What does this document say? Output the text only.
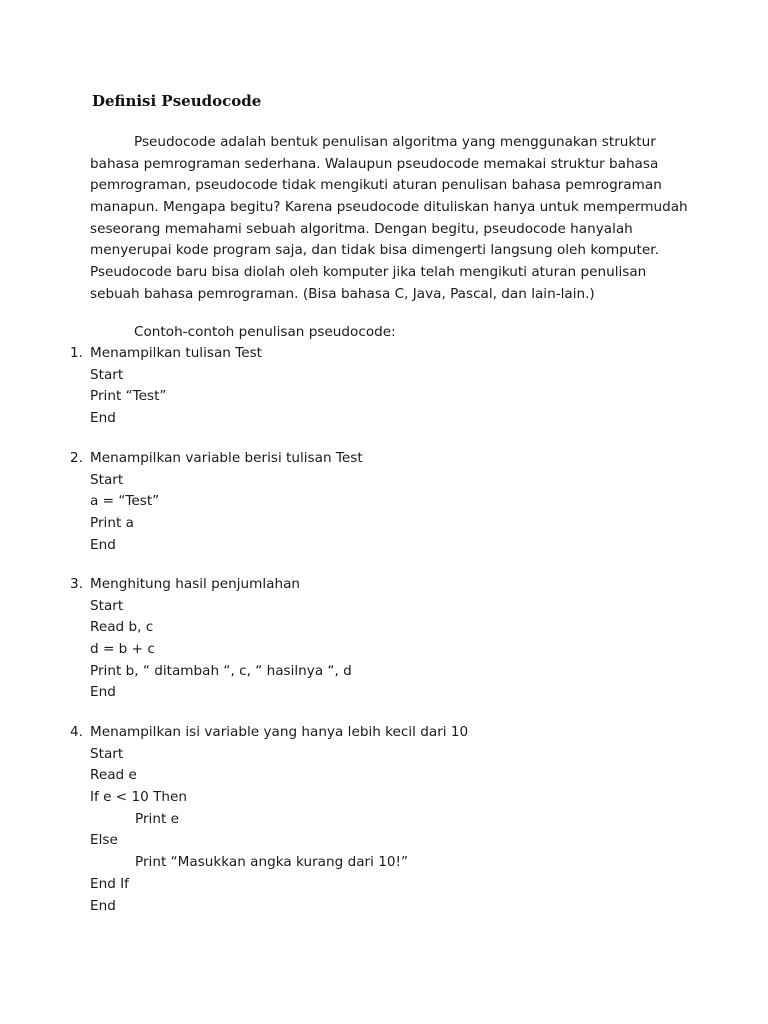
Definisi Pseudocode
Pseudocode adalah bentuk penulisan algoritma yang menggunakan struktur
bahasa pemrograman sederhana. Walaupun pseudocode memakai struktur bahasa
pemrograman, pseudocode tidak mengikuti aturan penulisan bahasa pemrograman
manapun. Mengapa begitu? Karena pseudocode dituliskan hanya untuk mempermudah
seseorang memahami sebuah algoritma. Dengan begitu, pseudocode hanyalah
menyerupai kode program saja, dan tidak bisa dimengerti langsung oleh komputer.
Pseudocode baru bisa diolah oleh komputer jika telah mengikuti aturan penulisan
sebuah bahasa pemrograman. (Bisa bahasa C, Java, Pascal, dan lain-lain.)
Contoh-contoh penulisan pseudocode:
1. Menampilkan tulisan Test
Start
Print “Test”
End
2. Menampilkan variable berisi tulisan Test
Start
a = “Test”
Print a
End
3. Menghitung hasil penjumlahan
Start
Read b, c
d = b + c
Print b, “ ditambah “, c, “ hasilnya “, d
End
4. Menampilkan isi variable yang hanya lebih kecil dari 10
Start
Read e
If e < 10 Then
Print e
Else
Print “Masukkan angka kurang dari 10!”
End If
End
